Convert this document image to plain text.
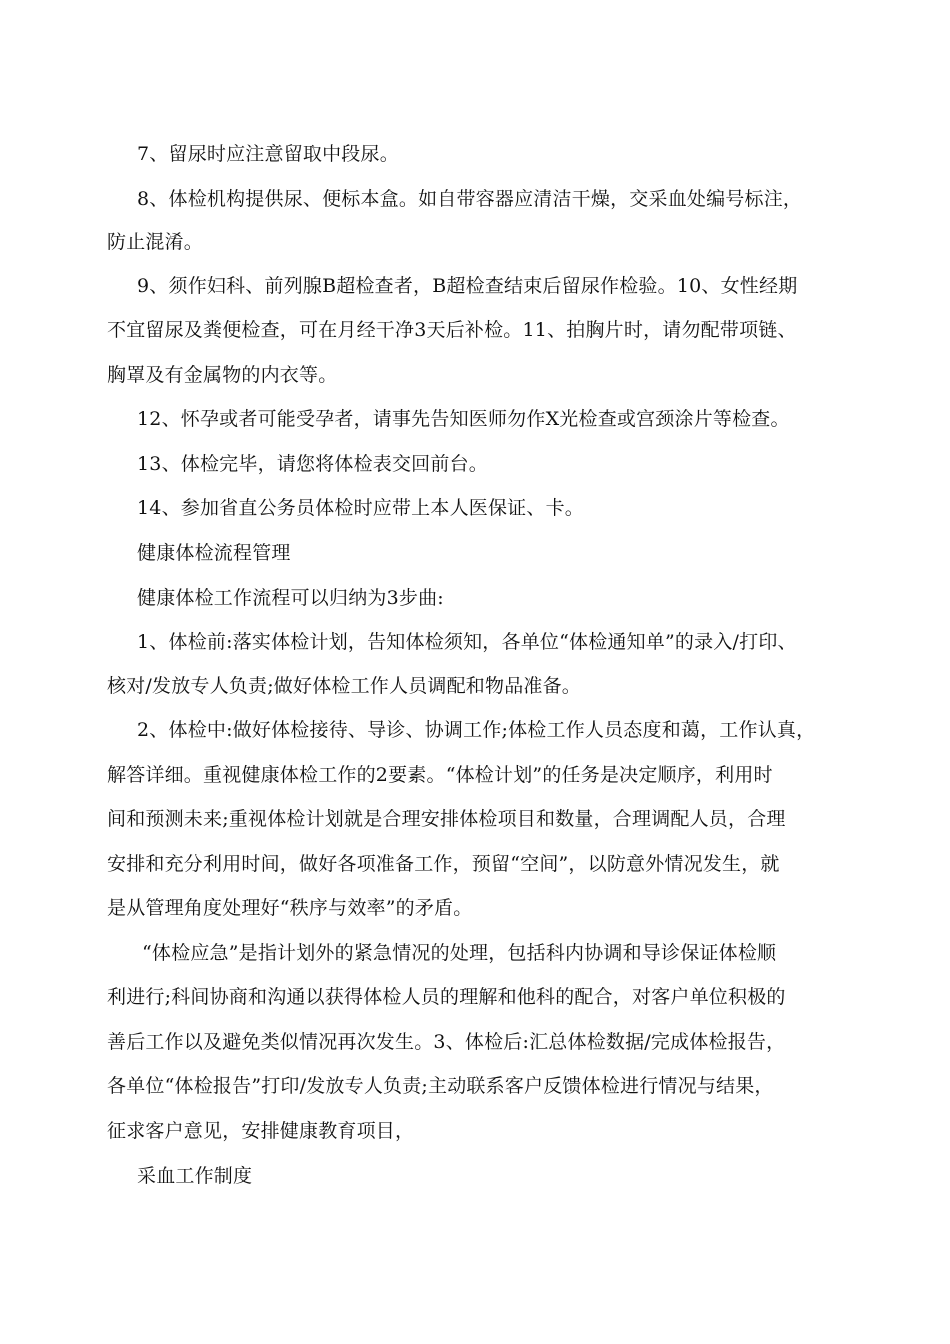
7、留尿时应注意留取中段尿。
8、体检机构提供尿、便标本盒。如自带容器应清洁干燥，交采血处编号标注，
防止混淆。
9、须作妇科、前列腺B超检查者，B超检查结束后留尿作检验。10、女性经期
不宜留尿及粪便检查，可在月经干净3天后补检。11、拍胸片时，请勿配带项链、
胸罩及有金属物的内衣等。
12、怀孕或者可能受孕者，请事先告知医师勿作X光检查或宫颈涂片等检查。
13、体检完毕，请您将体检表交回前台。
14、参加省直公务员体检时应带上本人医保证、卡。
健康体检流程管理
健康体检工作流程可以归纳为3步曲:
1、体检前:落实体检计划，告知体检须知，各单位“体检通知单”的录入/打印、
核对/发放专人负责;做好体检工作人员调配和物品准备。
2、体检中:做好体检接待、导诊、协调工作;体检工作人员态度和蔼，工作认真，
解答详细。重视健康体检工作的2要素。“体检计划”的任务是决定顺序，利用时
间和预测未来;重视体检计划就是合理安排体检项目和数量，合理调配人员，合理
安排和充分利用时间，做好各项准备工作，预留“空间”，以防意外情况发生，就
是从管理角度处理好“秩序与效率”的矛盾。
“体检应急”是指计划外的紧急情况的处理，包括科内协调和导诊保证体检顺
利进行;科间协商和沟通以获得体检人员的理解和他科的配合，对客户单位积极的
善后工作以及避免类似情况再次发生。3、体检后:汇总体检数据/完成体检报告，
各单位“体检报告”打印/发放专人负责;主动联系客户反馈体检进行情况与结果，
征求客户意见，安排健康教育项目，
采血工作制度
